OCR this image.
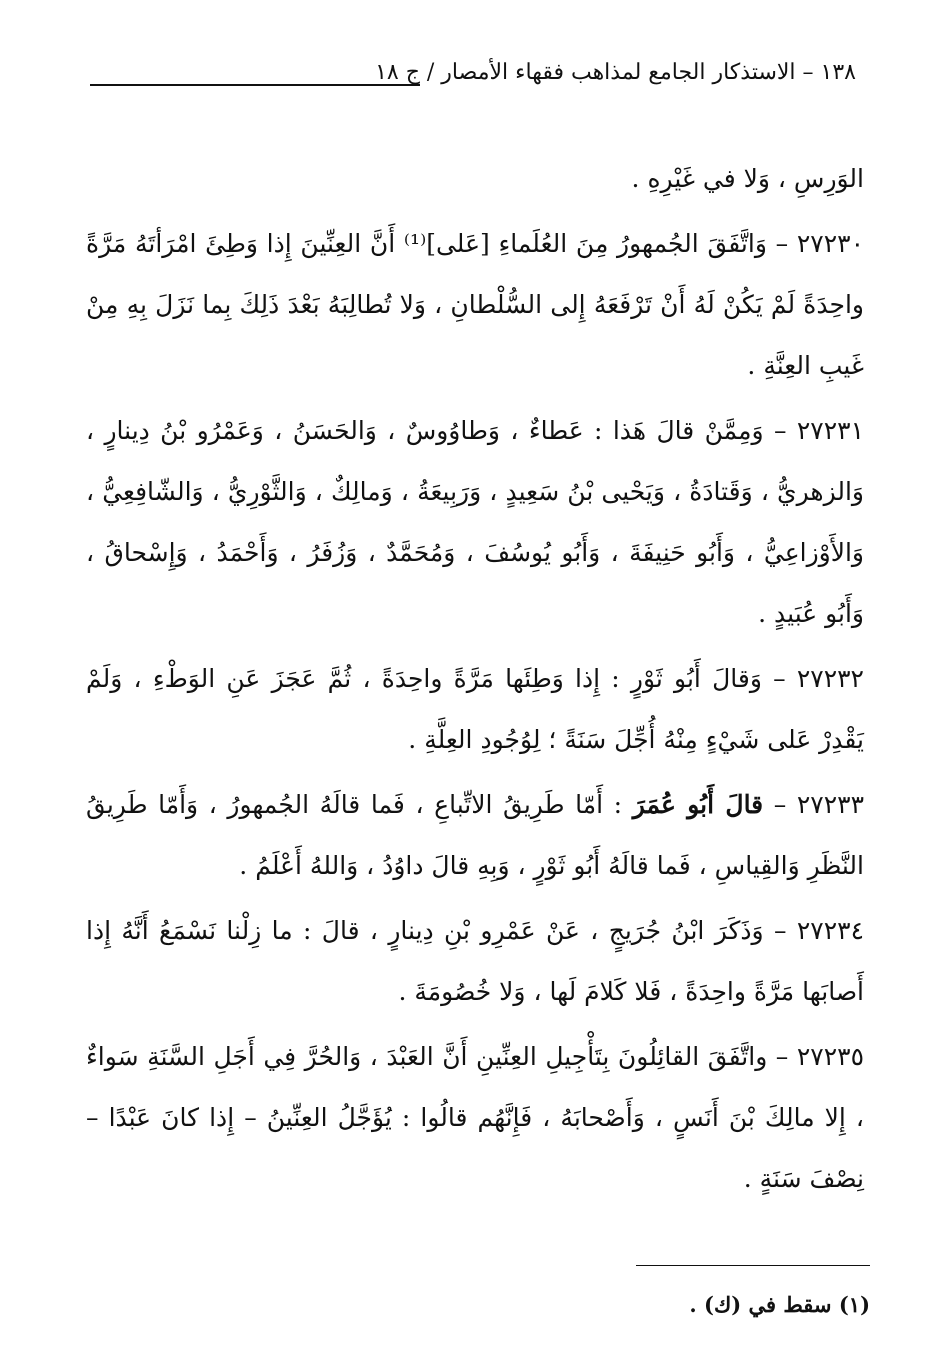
١٣٨ – الاستذكار الجامع لمذاهب فقهاء الأمصار / ج ١٨

الوَرِسِ ، وَلا في غَيْرِهِ .

٢٧٢٣٠ – وَاتَّفَقَ الجُمهورُ مِنَ العُلَماءِ [عَلى]⁽¹⁾ أَنَّ العِنِّينَ إِذا وَطِئَ امْرَأتَهُ مَرَّةً واحِدَةً لَمْ يَكُنْ لَهُ أَنْ تَرْفَعَهُ إِلى السُّلْطانِ ، وَلا تُطالِبَهُ بَعْدَ ذَلِكَ بِما نَزَلَ بِهِ مِنْ غَيبِ العِنَّةِ .

٢٧٢٣١ – وَمِمَّنْ قالَ هَذا : عَطاءٌ ، وَطاوُوسٌ ، وَالحَسَنُ ، وَعَمْرُو بْنُ دِينارٍ ، وَالزهريُّ ، وَقَتادَةُ ، وَيَحْيى بْنُ سَعِيدٍ ، وَرَبِيعَةُ ، وَمالِكٌ ، وَالثَّوْرِيُّ ، وَالشّافِعِيُّ ، وَالأَوْزاعِيُّ ، وَأَبُو حَنِيفَةَ ، وَأَبُو يُوسُفَ ، وَمُحَمَّدٌ ، وَزُفَرُ ، وَأَحْمَدُ ، وَإِسْحاقُ ، وَأَبُو عُبَيدٍ .

٢٧٢٣٢ – وَقالَ أَبُو ثَوْرٍ : إِذا وَطِئَها مَرَّةً واحِدَةً ، ثُمَّ عَجَزَ عَنِ الوَطْءِ ، وَلَمْ يَقْدِرْ عَلى شَيْءٍ مِنْهُ أُجِّلَ سَنَةً ؛ لِوُجُودِ العِلَّةِ .

٢٧٢٣٣ – قالَ أَبُو عُمَرَ : أَمّا طَرِيقُ الاتِّباعِ ، فَما قالَهُ الجُمهورُ ، وَأَمّا طَرِيقُ النَّظَرِ وَالقِياسِ ، فَما قالَهُ أَبُو ثَوْرٍ ، وَبِهِ قالَ داوُدُ ، وَاللهُ أَعْلَمُ .

٢٧٢٣٤ – وَذَكَرَ ابْنُ جُرَيجٍ ، عَنْ عَمْرِو بْنِ دِينارٍ ، قالَ : ما زِلْنا نَسْمَعُ أَنَّهُ إِذا أَصابَها مَرَّةً واحِدَةً ، فَلا كَلامَ لَها ، وَلا خُصُومَةَ .

٢٧٢٣٥ – واتَّفَقَ القائِلُونَ بِتَأْجِيلِ العِنِّينِ أَنَّ العَبْدَ ، وَالحُرَّ فِي أَجَلِ السَّنَةِ سَواءٌ ، إِلا مالِكَ بْنَ أَنَسٍ ، وَأَصْحابَهُ ، فَإِنَّهُم قالُوا : يُؤَجَّلُ العِنِّينُ – إِذا كانَ عَبْدًا – نِصْفَ سَنَةٍ .

(١) سقط في (ك) .
